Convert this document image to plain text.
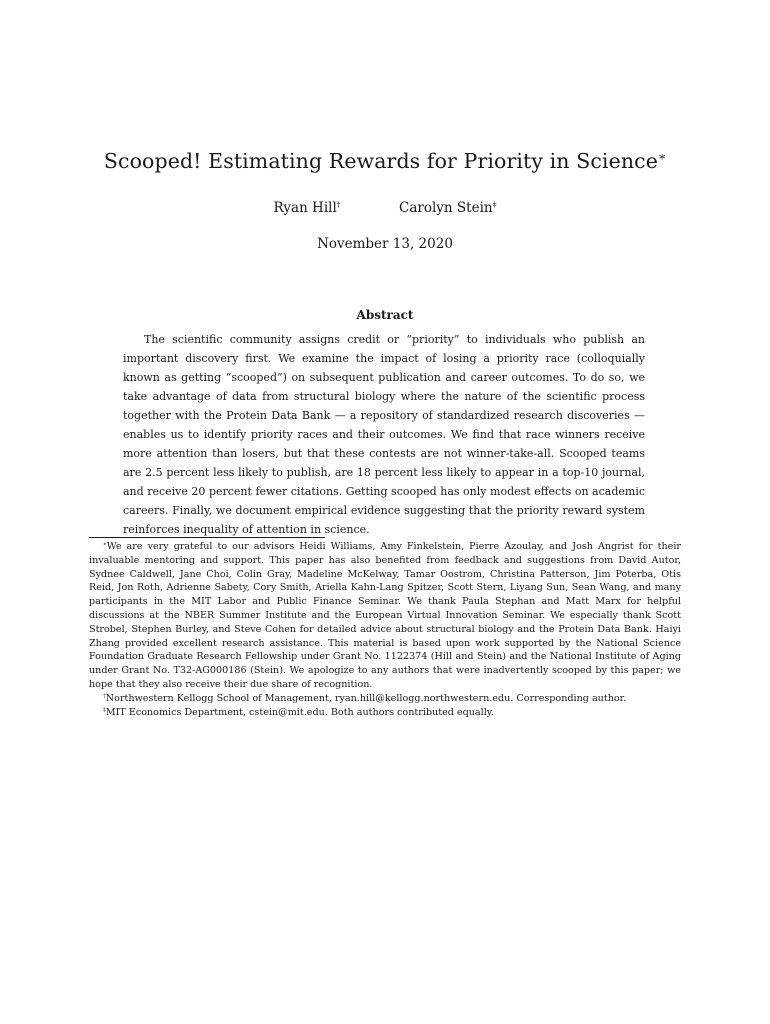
Scooped! Estimating Rewards for Priority in Science∗
Ryan Hill†	Carolyn Stein‡
November 13, 2020
Abstract

The scientific community assigns credit or “priority” to individuals who publish an important discovery first. We examine the impact of losing a priority race (colloquially known as getting “scooped”) on subsequent publication and career outcomes. To do so, we take advantage of data from structural biology where the nature of the scientific process together with the Protein Data Bank — a repository of standardized research discoveries — enables us to identify priority races and their outcomes. We find that race winners receive more attention than losers, but that these contests are not winner-take-all. Scooped teams are 2.5 percent less likely to publish, are 18 percent less likely to appear in a top-10 journal, and receive 20 percent fewer citations. Getting scooped has only modest effects on academic careers. Finally, we document empirical evidence suggesting that the priority reward system reinforces inequality of attention in science.

∗We are very grateful to our advisors Heidi Williams, Amy Finkelstein, Pierre Azoulay, and Josh Angrist for their invaluable mentoring and support. This paper has also benefited from feedback and suggestions from David Autor, Sydnee Caldwell, Jane Choi, Colin Gray, Madeline McKelway, Tamar Oostrom, Christina Patterson, Jim Poterba, Otis Reid, Jon Roth, Adrienne Sabety, Cory Smith, Ariella Kahn-Lang Spitzer, Scott Stern, Liyang Sun, Sean Wang, and many participants in the MIT Labor and Public Finance Seminar. We thank Paula Stephan and Matt Marx for helpful discussions at the NBER Summer Institute and the European Virtual Innovation Seminar. We especially thank Scott Strobel, Stephen Burley, and Steve Cohen for detailed advice about structural biology and the Protein Data Bank. Haiyi Zhang provided excellent research assistance. This material is based upon work supported by the National Science Foundation Graduate Research Fellowship under Grant No. 1122374 (Hill and Stein) and the National Institute of Aging under Grant No. T32-AG000186 (Stein). We apologize to any authors that were inadvertently scooped by this paper; we hope that they also receive their due share of recognition.

†Northwestern Kellogg School of Management, ryan.hill@kellogg.northwestern.edu. Corresponding author.

‡MIT Economics Department, cstein@mit.edu. Both authors contributed equally.
